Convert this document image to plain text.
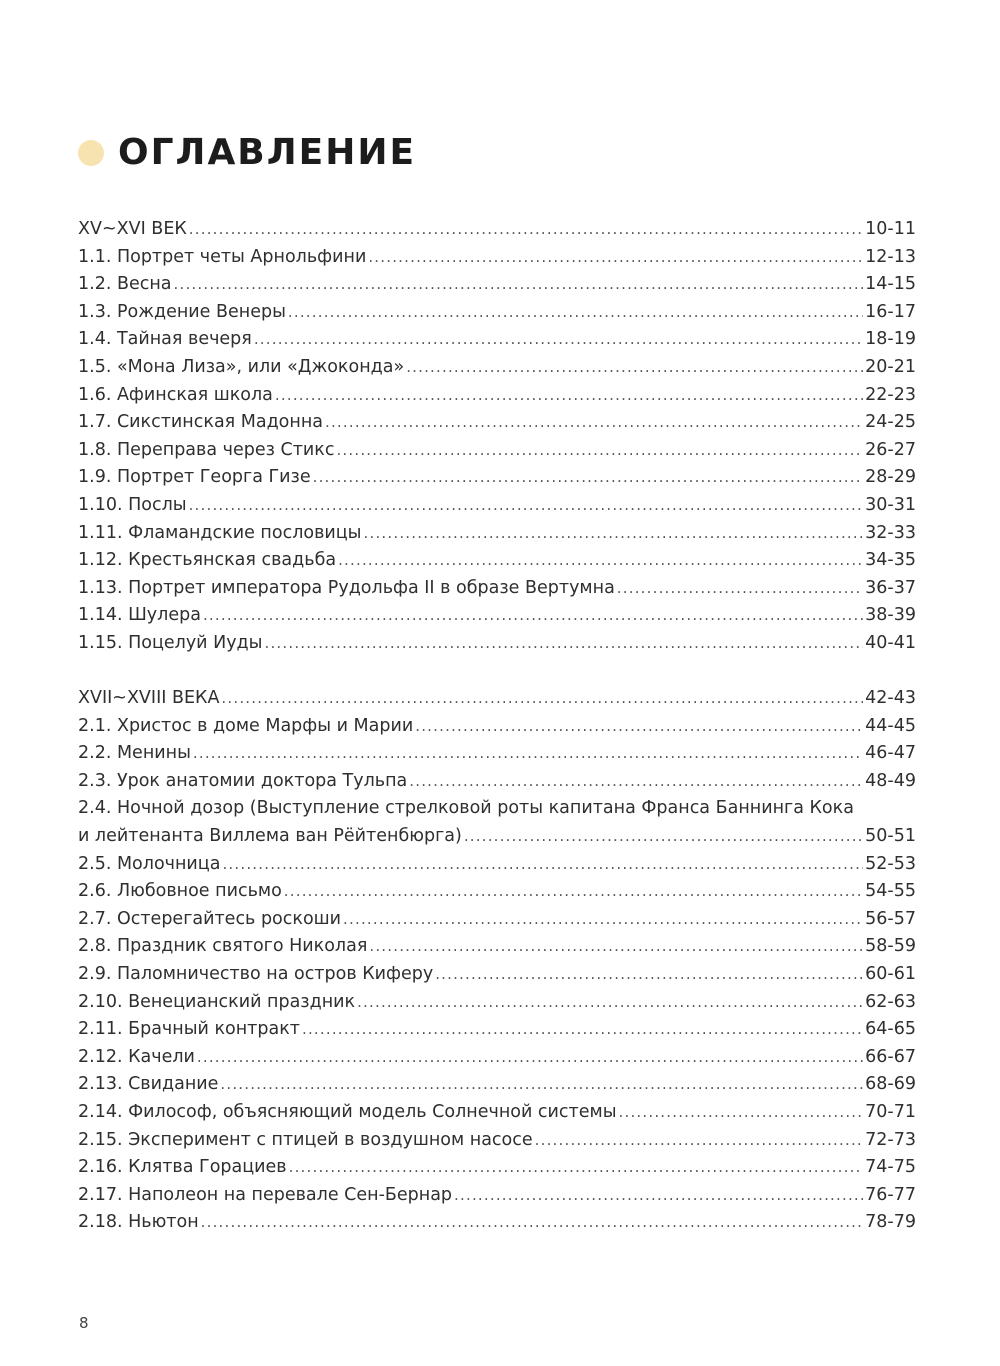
ОГЛАВЛЕНИЕ
XV~XVI ВЕК .....	10-11
1.1. Портрет четы Арнольфини .....	12-13
1.2. Весна .....	14-15
1.3. Рождение Венеры .....	16-17
1.4. Тайная вечеря .....	18-19
1.5. «Мона Лиза», или «Джоконда» .....	20-21
1.6. Афинская школа .....	22-23
1.7. Сикстинская Мадонна .....	24-25
1.8. Переправа через Стикс .....	26-27
1.9. Портрет Георга Гизе .....	28-29
1.10. Послы .....	30-31
1.11. Фламандские пословицы .....	32-33
1.12. Крестьянская свадьба .....	34-35
1.13. Портрет императора Рудольфа II в образе Вертумна .....	36-37
1.14. Шулера .....	38-39
1.15. Поцелуй Иуды .....	40-41
XVII~XVIII ВЕКА .....	42-43
2.1. Христос в доме Марфы и Марии .....	44-45
2.2. Менины .....	46-47
2.3. Урок анатомии доктора Тульпа .....	48-49
2.4. Ночной дозор (Выступление стрелковой роты капитана Франса Баннинга Кока
и лейтенанта Виллема ван Рёйтенбюрга) .....	50-51
2.5. Молочница .....	52-53
2.6. Любовное письмо .....	54-55
2.7. Остерегайтесь роскоши .....	56-57
2.8. Праздник святого Николая .....	58-59
2.9. Паломничество на остров Киферу .....	60-61
2.10. Венецианский праздник .....	62-63
2.11. Брачный контракт .....	64-65
2.12. Качели .....	66-67
2.13. Свидание .....	68-69
2.14. Философ, объясняющий модель Солнечной системы .....	70-71
2.15. Эксперимент с птицей в воздушном насосе .....	72-73
2.16. Клятва Горациев .....	74-75
2.17. Наполеон на перевале Сен-Бернар .....	76-77
2.18. Ньютон .....	78-79
8
